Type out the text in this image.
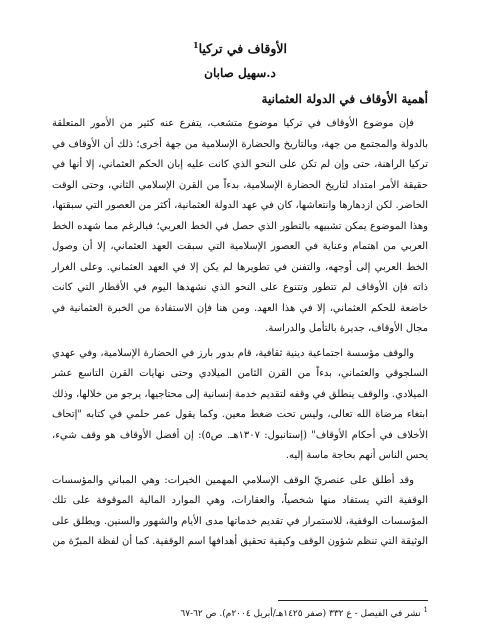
الأوقاف في تركيا$^1$
د.سهيل صابان
أهمية الأوقاف في الدولة العثمانية

فإن موضوع الأوقاف في تركيا موضوع متشعب، يتفرع عنه كثير من الأمور المتعلقة بالدولة والمجتمع من جهة، وبالتاريخ والحضارة الإسلامية من جهة أخرى؛ ذلك أن الأوقاف في تركيا الراهنة، حتى وإن لم تكن على النحو الذي كانت عليه إبان الحكم العثماني، إلا أنها في حقيقة الأمر امتداد لتاريخ الحضارة الإسلامية، بدءاً من القرن الإسلامي الثاني، وحتى الوقت الحاضر. لكن ازدهارها وانتعاشها، كان في عهد الدولة العثمانية، أكثر من العصور التي سبقتها، وهذا الموضوع يمكن تشبيهه بالتطور الذي حصل في الخط العربي؛ فبالرغم مما شهده الخط العربي من اهتمام وعناية في العصور الإسلامية التي سبقت العهد العثماني، إلا أن وصول الخط العربي إلى أوجهه، والتفنن في تطويرها لم يكن إلا في العهد العثماني. وعلى الغرار ذاته فإن الأوقاف لم تتطور وتتنوع على النحو الذي نشهدها اليوم في الأقطار التي كانت خاضعة للحكم العثماني، إلا في هذا العهد. ومن هنا فإن الاستفادة من الخبرة العثمانية في مجال الأوقاف، جديرة بالتأمل والدراسة.

والوقف مؤسسة اجتماعية دينية ثقافية، قام بدور بارز في الحضارة الإسلامية، وفي عهدي السلجوقي والعثماني، بدءاً من القرن الثامن الميلادي وحتى نهايات القرن التاسع عشر الميلادي. والوقف ينطلق في وقفه لتقديم خدمة إنسانية إلى محتاجيها، يرجو من خلالها، وذلك ابتغاء مرضاة الله تعالى، وليس تحت ضغط معين. وكما يقول عمر حلمي في كتابه "إتحاف الأخلاف في أحكام الأوقاف" (إستانبول: ١٣٠٧هـ. ص٥): إن أفضل الأوقاف هو وقف شيء، يحس الناس أنهم بحاجة ماسة إليه.

وقد أطلق على عنصريّ الوقف الإسلامي المهمين الخيرات: وهي المباني والمؤسسات الوقفية التي يستفاد منها شخصياً، والعقارات، وهي الموارد المالية الموقوفة على تلك المؤسسات الوقفية، للاستمرار في تقديم خدماتها مدى الأيام والشهور والسنين. ويطلق على الوثيقة التي تنظم شؤون الوقف وكيفية تحقيق أهدافها اسم الوقفية. كما أن لفظة المبرّة من

$^1$ نشر في الفيصل - ع ٣٣٢ (صفر ١٤٢٥هـ/أبريل ٢٠٠٤م). ص ٦٢-٦٧
